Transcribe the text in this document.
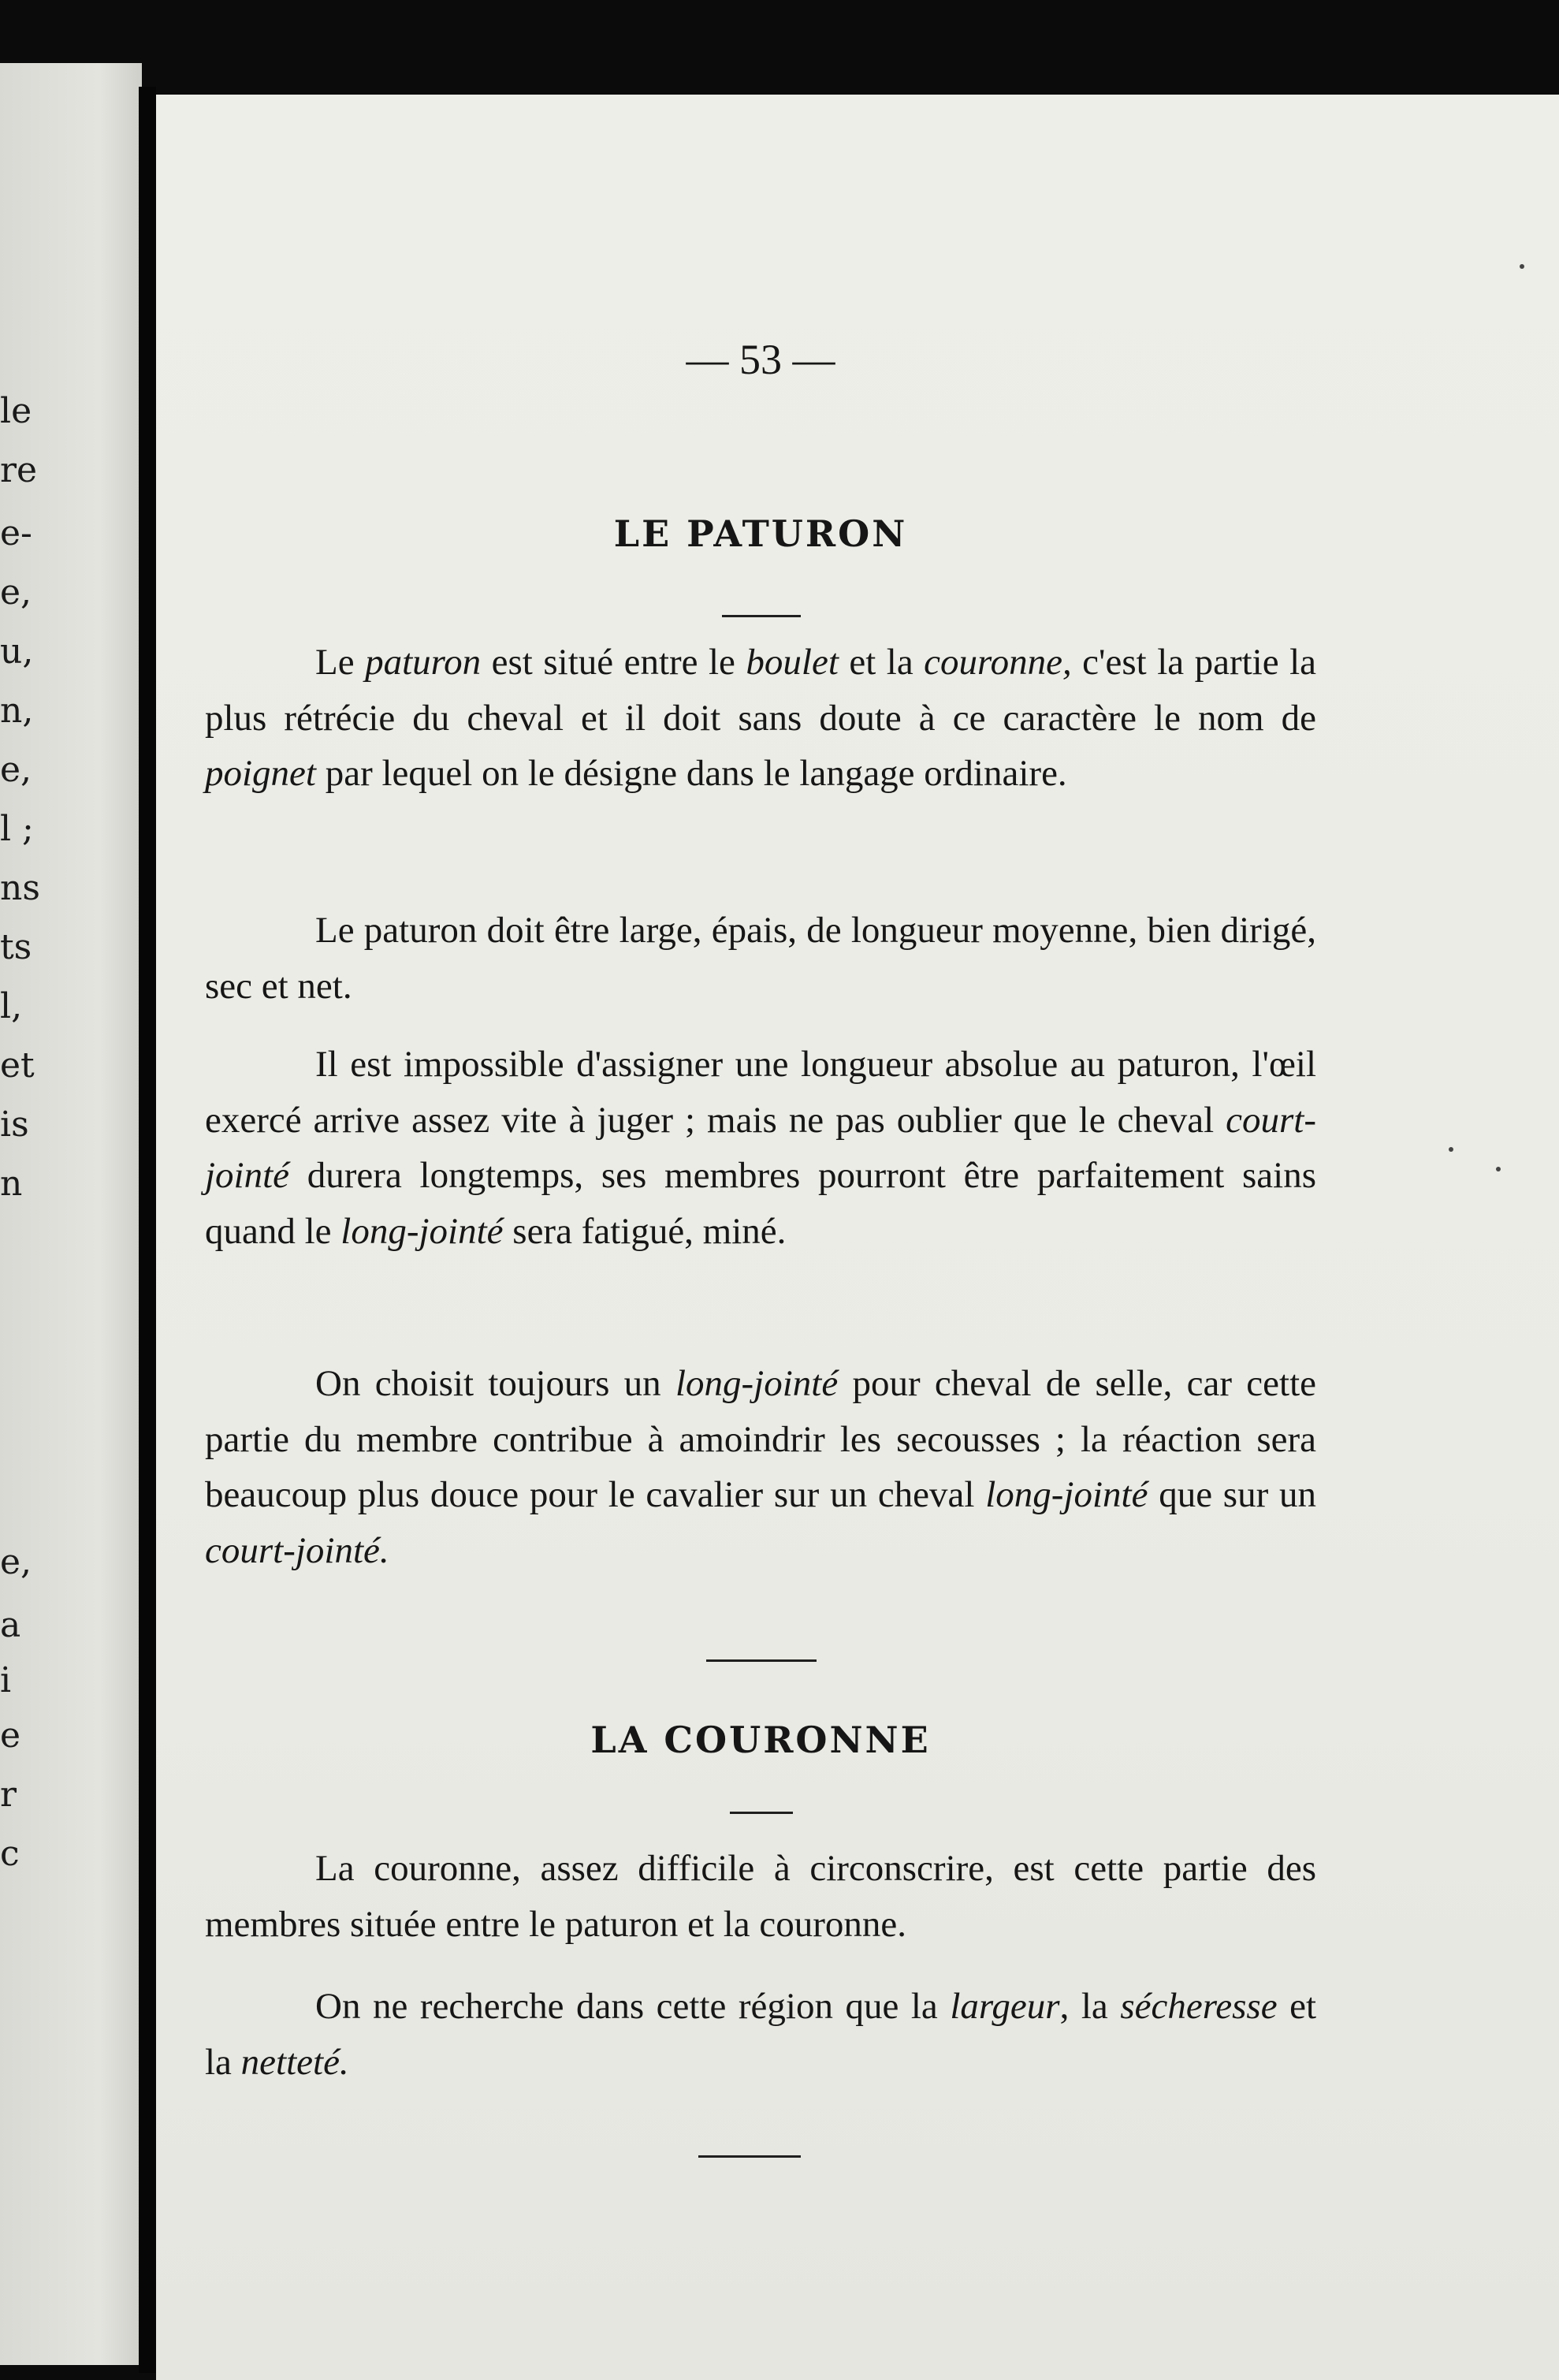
le
re
e-
e,
u,
n,
e,
l ;
ns
ts
l,
et
is
n
e,
a
i
e
r
c
— 53 —
LE PATURON

Le paturon est situé entre le boulet et la couronne, c'est la partie la plus rétrécie du cheval et il doit sans doute à ce caractère le nom de poignet par lequel on le désigne dans le langage ordinaire.

Le paturon doit être large, épais, de longueur moyenne, bien dirigé, sec et net.

Il est impossible d'assigner une longueur absolue au paturon, l'œil exercé arrive assez vite à juger ; mais ne pas oublier que le cheval court-jointé durera longtemps, ses membres pourront être parfaitement sains quand le long-jointé sera fatigué, miné.

On choisit toujours un long-jointé pour cheval de selle, car cette partie du membre contribue à amoindrir les secousses ; la réaction sera beaucoup plus douce pour le cavalier sur un cheval long-jointé que sur un court-jointé.

LA COURONNE

La couronne, assez difficile à circonscrire, est cette partie des membres située entre le paturon et la couronne.

On ne recherche dans cette région que la largeur, la sécheresse et la netteté.
